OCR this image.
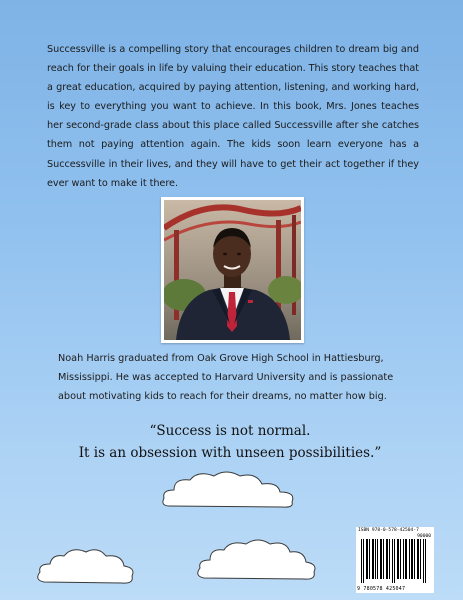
Successville is a compelling story that encourages children to dream big and reach for their goals in life by valuing their education. This story teaches that a great education, acquired by paying attention, listening, and working hard, is key to everything you want to achieve. In this book, Mrs. Jones teaches her second-grade class about this place called Successville after she catches them not paying attention again. The kids soon learn everyone has a Successville in their lives, and they will have to get their act together if they ever want to make it there.

Noah Harris graduated from Oak Grove High School in Hattiesburg, Mississippi. He was accepted to Harvard University and is passionate about motivating kids to reach for their dreams, no matter how big.

“Success is not normal.
It is an obsession with unseen possibilities.”
ISBN 978-0-578-42504-7
90000
9 780578 425047
